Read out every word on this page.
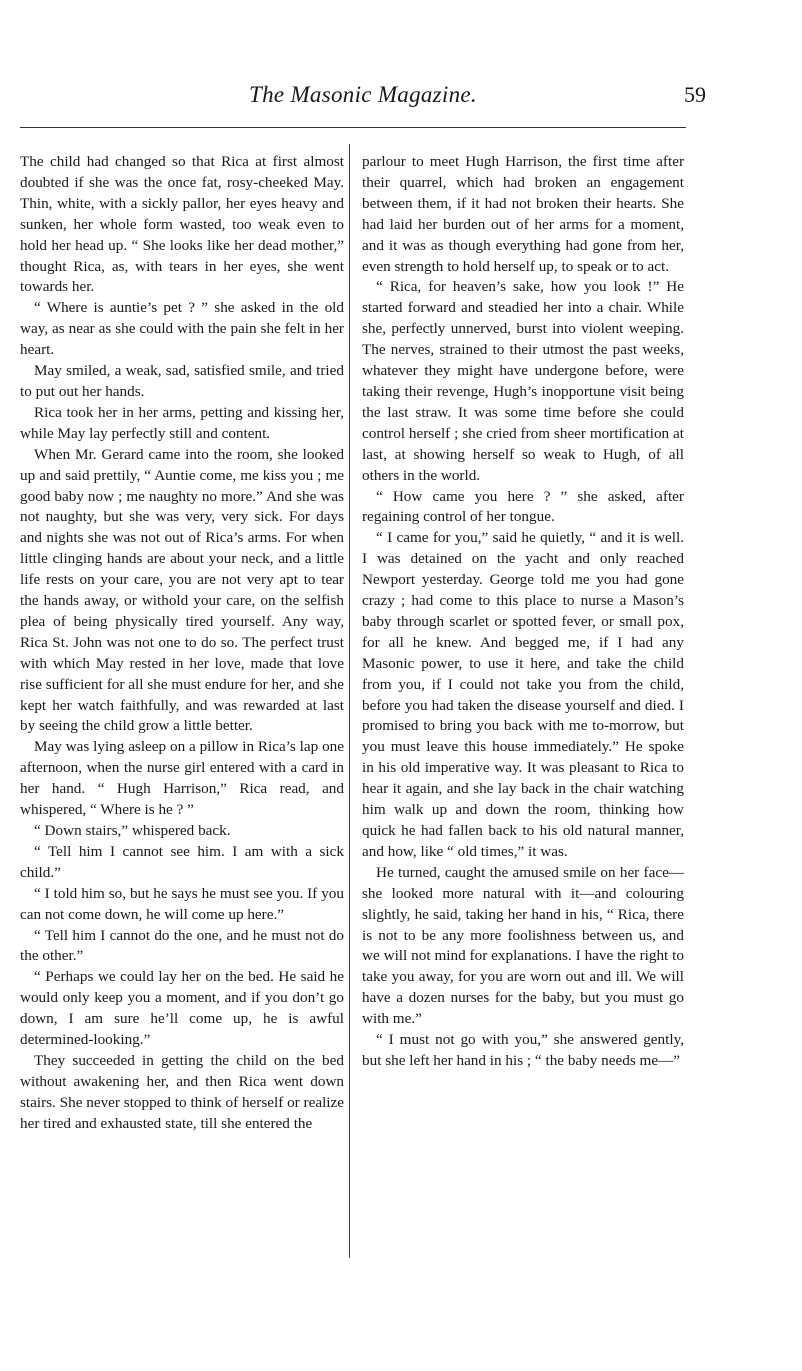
The Masonic Magazine.	59

The child had changed so that Rica at first almost doubted if she was the once fat, rosy-cheeked May. Thin, white, with a sickly pallor, her eyes heavy and sunken, her whole form wasted, too weak even to hold her head up. “ She looks like her dead mother,” thought Rica, as, with tears in her eyes, she went towards her.

“ Where is auntie’s pet ? ” she asked in the old way, as near as she could with the pain she felt in her heart.

May smiled, a weak, sad, satisfied smile, and tried to put out her hands.

Rica took her in her arms, petting and kissing her, while May lay perfectly still and content.

When Mr. Gerard came into the room, she looked up and said prettily, “ Auntie come, me kiss you ; me good baby now ; me naughty no more.” And she was not naughty, but she was very, very sick. For days and nights she was not out of Rica’s arms. For when little clinging hands are about your neck, and a little life rests on your care, you are not very apt to tear the hands away, or withold your care, on the selfish plea of being physically tired yourself. Any way, Rica St. John was not one to do so. The perfect trust with which May rested in her love, made that love rise sufficient for all she must endure for her, and she kept her watch faithfully, and was rewarded at last by seeing the child grow a little better.

May was lying asleep on a pillow in Rica’s lap one afternoon, when the nurse girl entered with a card in her hand. “ Hugh Harrison,” Rica read, and whispered, “ Where is he ? ”

“ Down stairs,” whispered back.

“ Tell him I cannot see him. I am with a sick child.”

“ I told him so, but he says he must see you. If you can not come down, he will come up here.”

“ Tell him I cannot do the one, and he must not do the other.”

“ Perhaps we could lay her on the bed. He said he would only keep you a moment, and if you don’t go down, I am sure he’ll come up, he is awful determined-looking.”

They succeeded in getting the child on the bed without awakening her, and then Rica went down stairs. She never stopped to think of herself or realize her tired and exhausted state, till she entered the

parlour to meet Hugh Harrison, the first time after their quarrel, which had broken an engagement between them, if it had not broken their hearts. She had laid her burden out of her arms for a moment, and it was as though everything had gone from her, even strength to hold herself up, to speak or to act.

“ Rica, for heaven’s sake, how you look !” He started forward and steadied her into a chair. While she, perfectly unnerved, burst into violent weeping. The nerves, strained to their utmost the past weeks, whatever they might have undergone before, were taking their revenge, Hugh’s inopportune visit being the last straw. It was some time before she could control herself ; she cried from sheer mortification at last, at showing herself so weak to Hugh, of all others in the world.

“ How came you here ? ” she asked, after regaining control of her tongue.

“ I came for you,” said he quietly, “ and it is well. I was detained on the yacht and only reached Newport yesterday. George told me you had gone crazy ; had come to this place to nurse a Mason’s baby through scarlet or spotted fever, or small pox, for all he knew. And begged me, if I had any Masonic power, to use it here, and take the child from you, if I could not take you from the child, before you had taken the disease yourself and died. I promised to bring you back with me to-morrow, but you must leave this house immediately.” He spoke in his old imperative way. It was pleasant to Rica to hear it again, and she lay back in the chair watching him walk up and down the room, thinking how quick he had fallen back to his old natural manner, and how, like “ old times,” it was.

He turned, caught the amused smile on her face—she looked more natural with it—and colouring slightly, he said, taking her hand in his, “ Rica, there is not to be any more foolishness between us, and we will not mind for explanations. I have the right to take you away, for you are worn out and ill. We will have a dozen nurses for the baby, but you must go with me.”

“ I must not go with you,” she answered gently, but she left her hand in his ; “ the baby needs me—”
